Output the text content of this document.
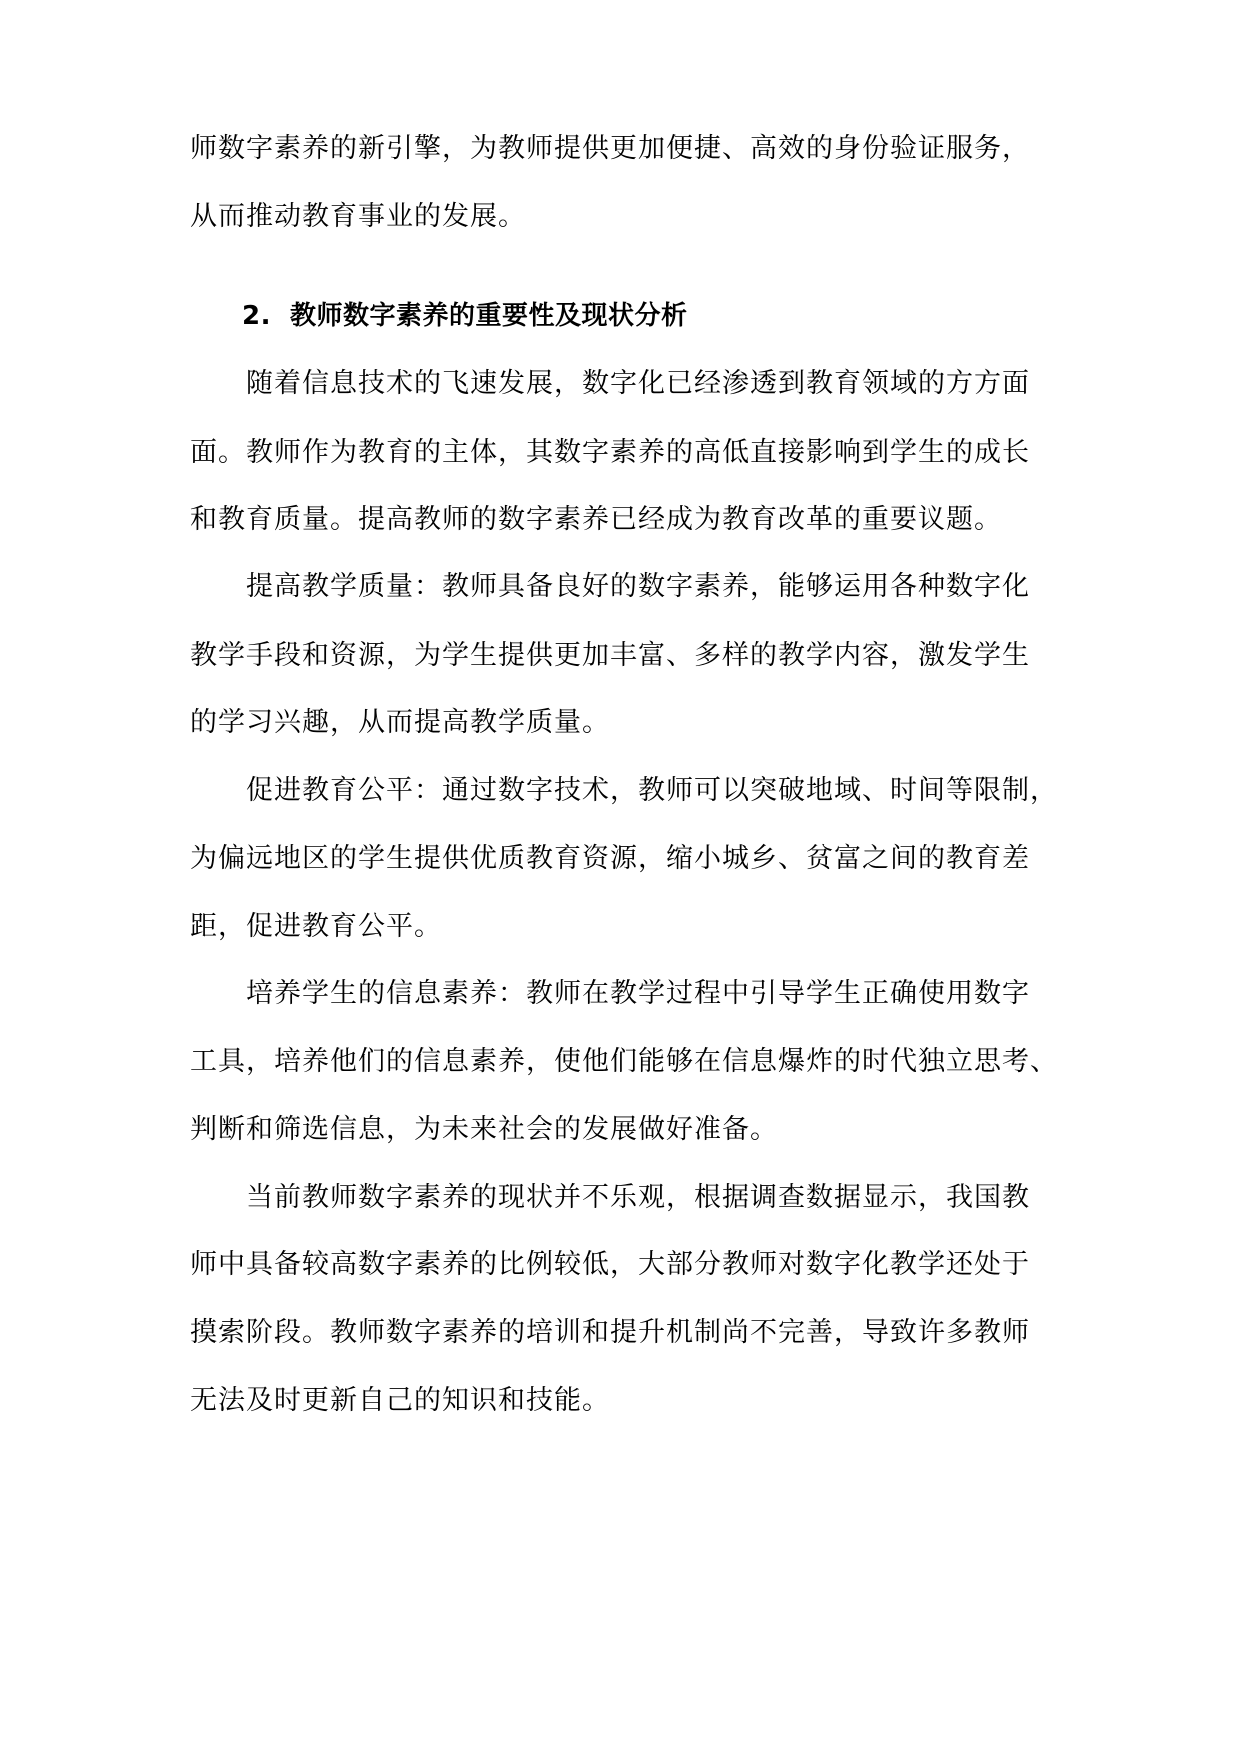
师数字素养的新引擎，为教师提供更加便捷、高效的身份验证服务，
从而推动教育事业的发展。
2. 教师数字素养的重要性及现状分析
随着信息技术的飞速发展，数字化已经渗透到教育领域的方方面
面。教师作为教育的主体，其数字素养的高低直接影响到学生的成长
和教育质量。提高教师的数字素养已经成为教育改革的重要议题。
提高教学质量：教师具备良好的数字素养，能够运用各种数字化
教学手段和资源，为学生提供更加丰富、多样的教学内容，激发学生
的学习兴趣，从而提高教学质量。
促进教育公平：通过数字技术，教师可以突破地域、时间等限制，
为偏远地区的学生提供优质教育资源，缩小城乡、贫富之间的教育差
距，促进教育公平。
培养学生的信息素养：教师在教学过程中引导学生正确使用数字
工具，培养他们的信息素养，使他们能够在信息爆炸的时代独立思考、
判断和筛选信息，为未来社会的发展做好准备。
当前教师数字素养的现状并不乐观，根据调查数据显示，我国教
师中具备较高数字素养的比例较低，大部分教师对数字化教学还处于
摸索阶段。教师数字素养的培训和提升机制尚不完善，导致许多教师
无法及时更新自己的知识和技能。
